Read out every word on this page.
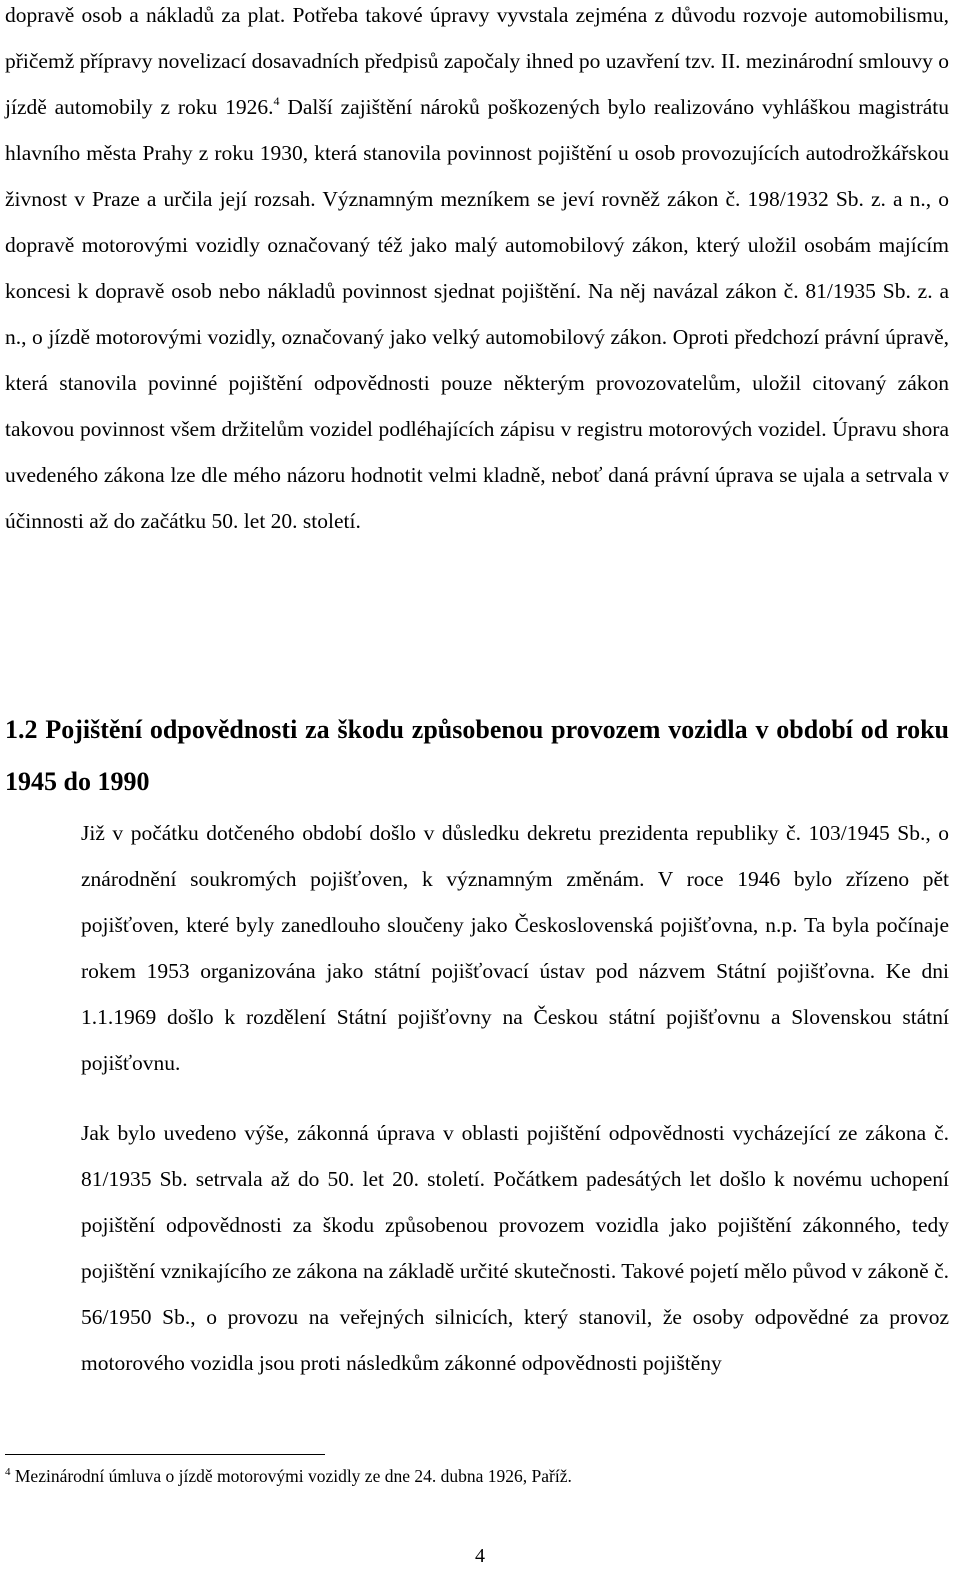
dopravě osob a nákladů za plat. Potřeba takové úpravy vyvstala zejména z důvodu rozvoje automobilismu, přičemž přípravy novelizací dosavadních předpisů započaly ihned po uzavření tzv. II. mezinárodní smlouvy o jízdě automobily z roku 1926.$^4$ Další zajištění nároků poškozených bylo realizováno vyhláškou magistrátu hlavního města Prahy z roku 1930, která stanovila povinnost pojištění u osob provozujících autodrožkářskou živnost v Praze a určila její rozsah. Významným mezníkem se jeví rovněž zákon č. 198/1932 Sb. z. a n., o dopravě motorovými vozidly označovaný též jako malý automobilový zákon, který uložil osobám majícím koncesi k dopravě osob nebo nákladů povinnost sjednat pojištění. Na něj navázal zákon č. 81/1935 Sb. z. a n., o jízdě motorovými vozidly, označovaný jako velký automobilový zákon. Oproti předchozí právní úpravě, která stanovila povinné pojištění odpovědnosti pouze některým provozovatelům, uložil citovaný zákon takovou povinnost všem držitelům vozidel podléhajících zápisu v registru motorových vozidel. Úpravu shora uvedeného zákona lze dle mého názoru hodnotit velmi kladně, neboť daná právní úprava se ujala a setrvala v účinnosti až do začátku 50. let 20. století.
1.2 Pojištění odpovědnosti za škodu způsobenou provozem vozidla v období od roku 1945 do 1990
Již v počátku dotčeného období došlo v důsledku dekretu prezidenta republiky č. 103/1945 Sb., o znárodnění soukromých pojišťoven, k významným změnám. V roce 1946 bylo zřízeno pět pojišťoven, které byly zanedlouho sloučeny jako Československá pojišťovna, n.p. Ta byla počínaje rokem 1953 organizována jako státní pojišťovací ústav pod názvem Státní pojišťovna. Ke dni 1.1.1969 došlo k rozdělení Státní pojišťovny na Českou státní pojišťovnu a Slovenskou státní pojišťovnu.
Jak bylo uvedeno výše, zákonná úprava v oblasti pojištění odpovědnosti vycházející ze zákona č. 81/1935 Sb. setrvala až do 50. let 20. století. Počátkem padesátých let došlo k novému uchopení pojištění odpovědnosti za škodu způsobenou provozem vozidla jako pojištění zákonného, tedy pojištění vznikajícího ze zákona na základě určité skutečnosti. Takové pojetí mělo původ v zákoně č. 56/1950 Sb., o provozu na veřejných silnicích, který stanovil, že osoby odpovědné za provoz motorového vozidla jsou proti následkům zákonné odpovědnosti pojištěny
$^4$ Mezinárodní úmluva o jízdě motorovými vozidly ze dne 24. dubna 1926, Paříž.
4
